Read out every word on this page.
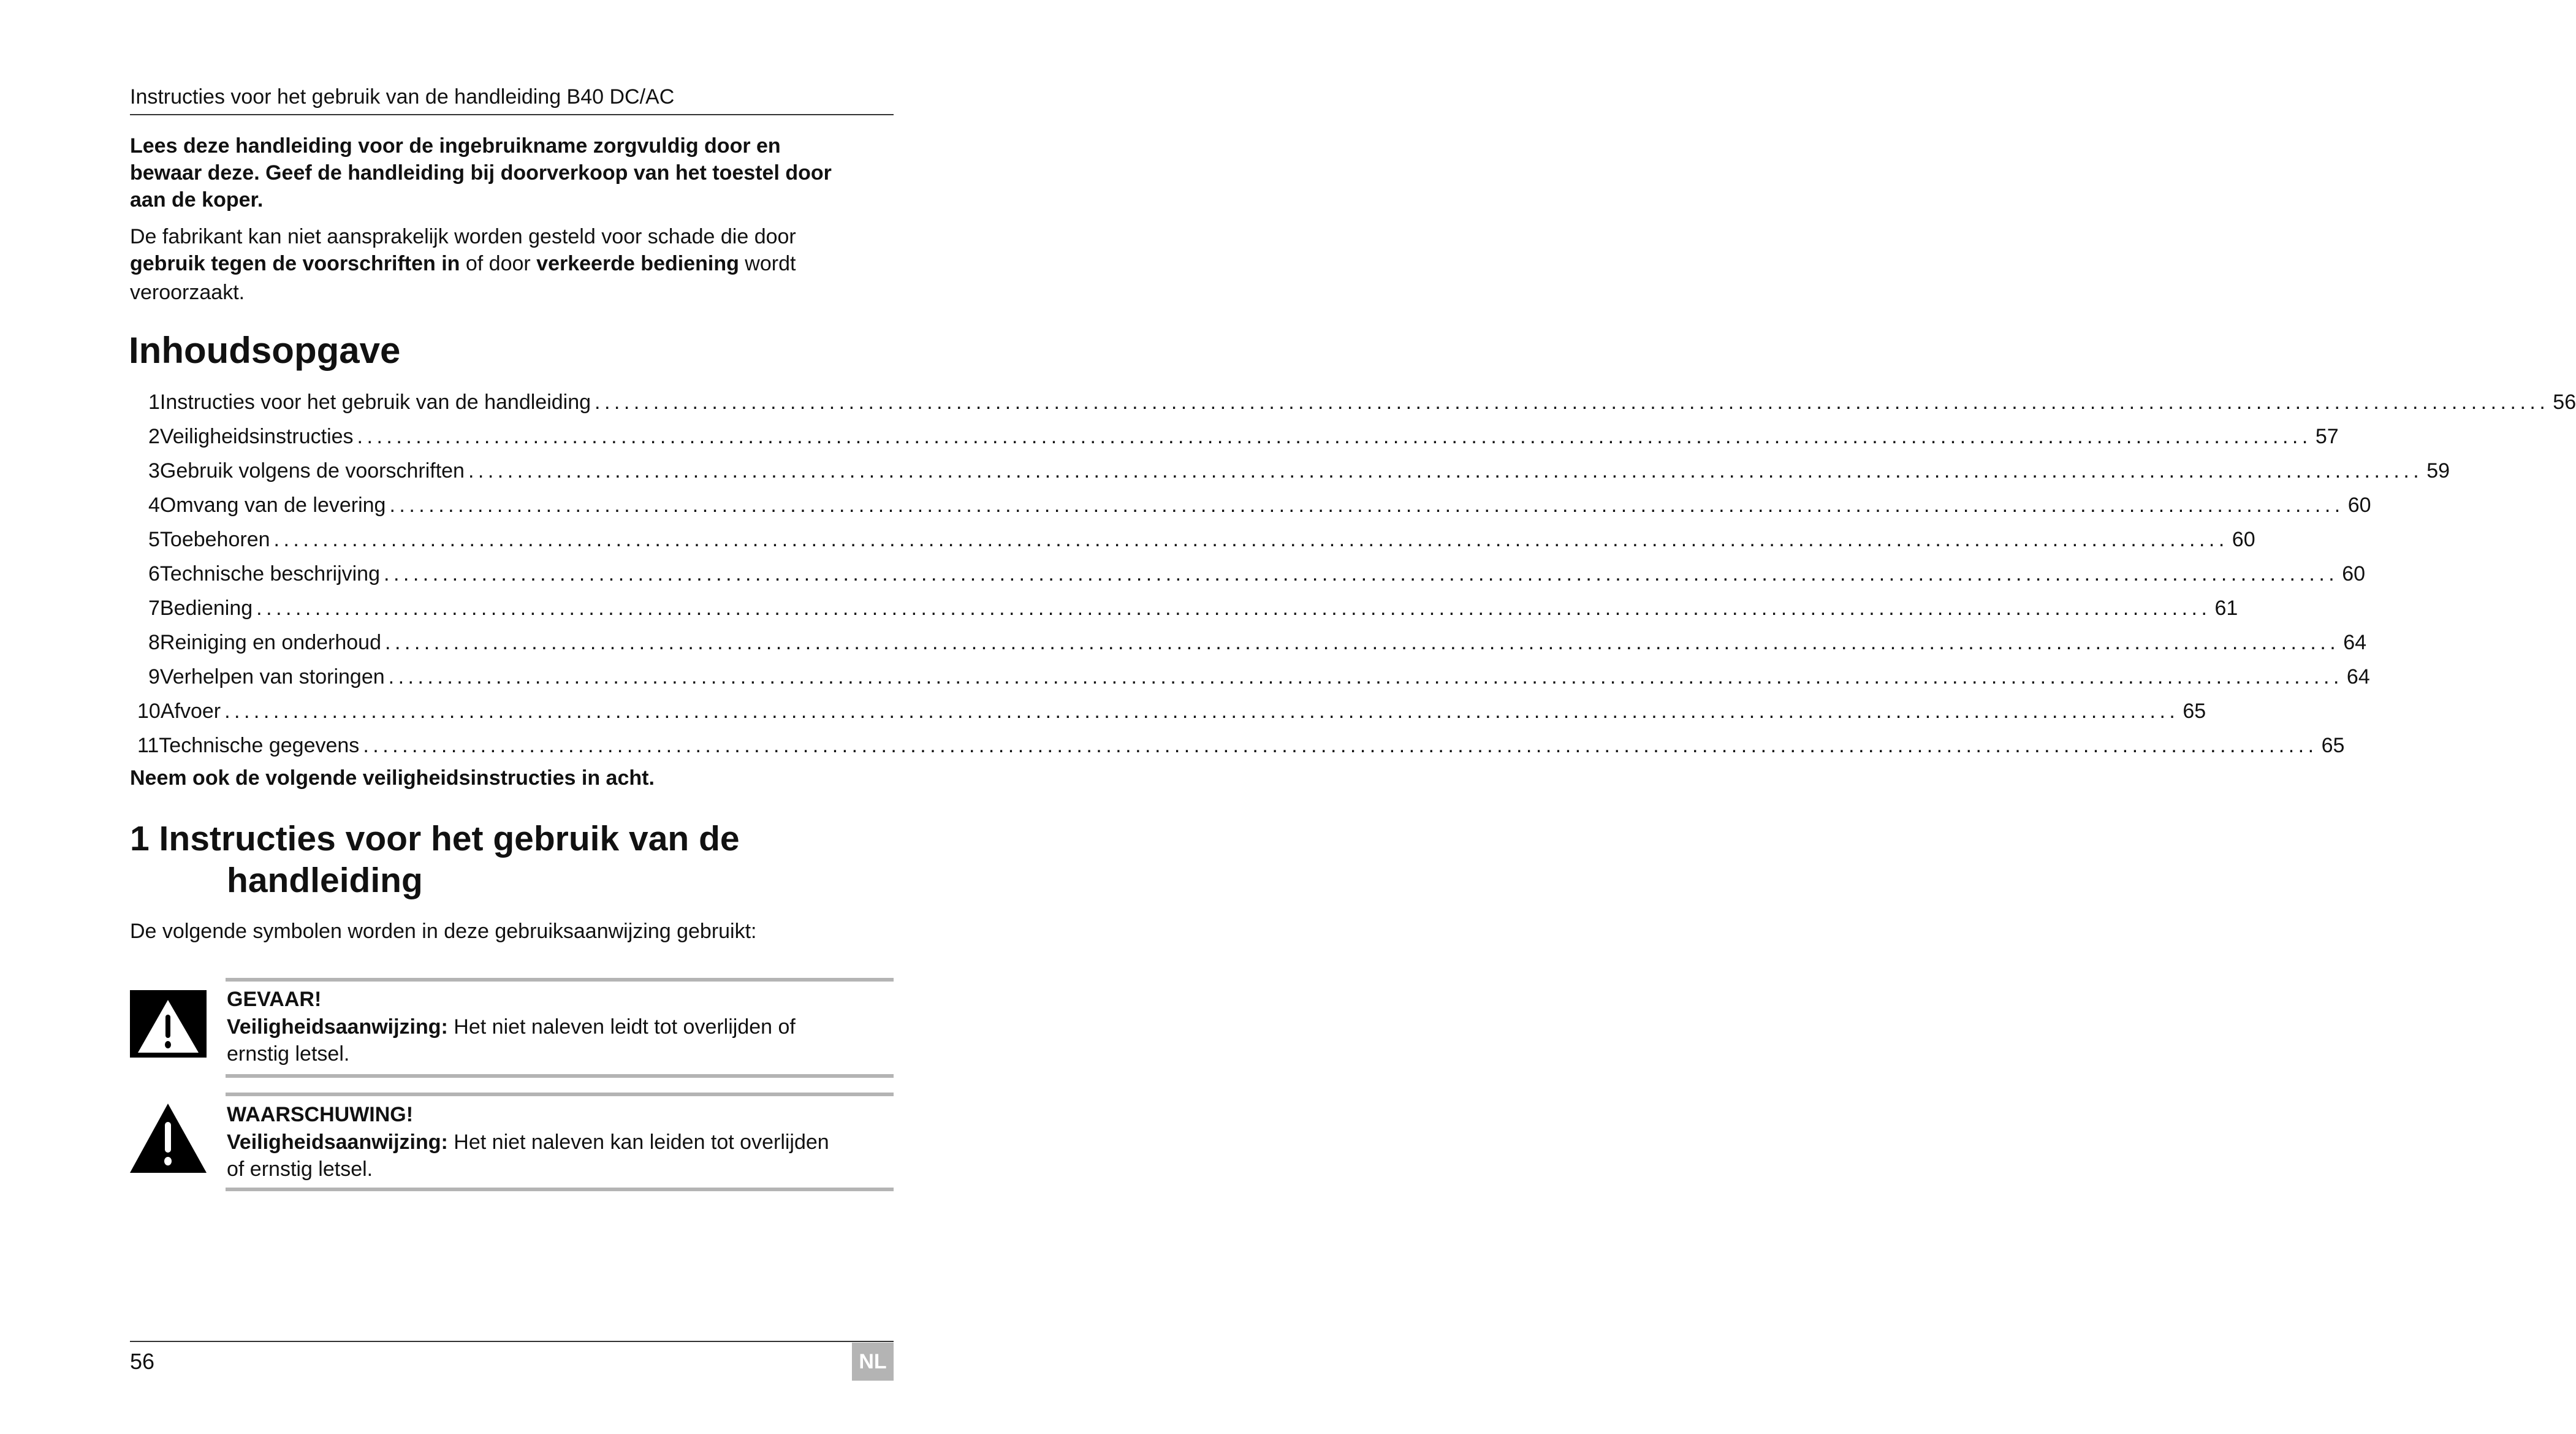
Instructies voor het gebruik van de handleiding B40 DC/AC
Lees deze handleiding voor de ingebruikname zorgvuldig door en
bewaar deze. Geef de handleiding bij doorverkoop van het toestel door
aan de koper.
De fabrikant kan niet aansprakelijk worden gesteld voor schade die door
gebruik tegen de voorschriften in of door verkeerde bediening wordt
veroorzaakt.
Inhoudsopgave
1 Instructies voor het gebruik van de handleiding ........................................................................................................................................................................................................ 56
2 Veiligheidsinstructies ........................................................................................................................................................................................................ 57
3 Gebruik volgens de voorschriften ........................................................................................................................................................................................................ 59
4 Omvang van de levering ........................................................................................................................................................................................................ 60
5 Toebehoren ........................................................................................................................................................................................................ 60
6 Technische beschrijving ........................................................................................................................................................................................................ 60
7 Bediening ........................................................................................................................................................................................................ 61
8 Reiniging en onderhoud ........................................................................................................................................................................................................ 64
9 Verhelpen van storingen ........................................................................................................................................................................................................ 64
10 Afvoer ........................................................................................................................................................................................................ 65
11 Technische gegevens ........................................................................................................................................................................................................ 65
Neem ook de volgende veiligheidsinstructies in acht.
1 Instructies voor het gebruik van de
handleiding
De volgende symbolen worden in deze gebruiksaanwijzing gebruikt:
GEVAAR!
Veiligheidsaanwijzing: Het niet naleven leidt tot overlijden of
ernstig letsel.
WAARSCHUWING!
Veiligheidsaanwijzing: Het niet naleven kan leiden tot overlijden
of ernstig letsel.
56	NL
